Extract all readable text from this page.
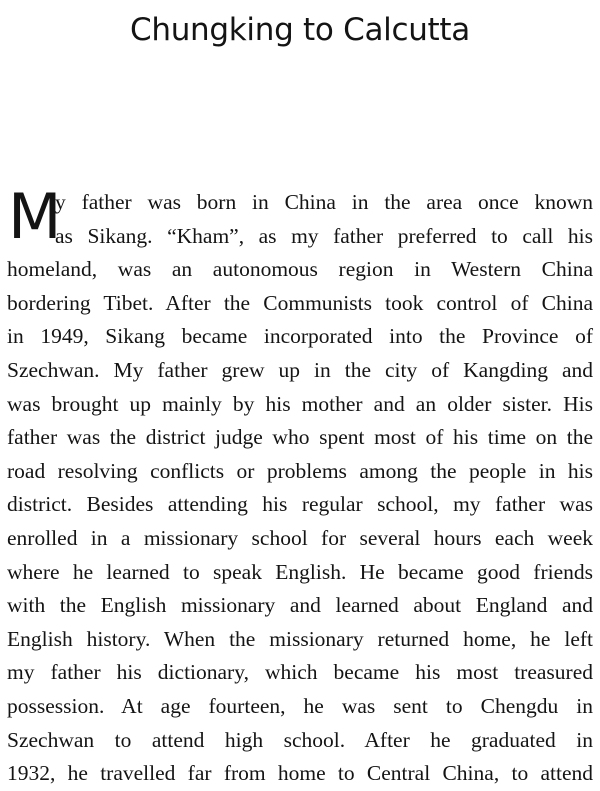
Chungking to Calcutta
M
y father was born in China in the area once known
as Sikang. “Kham”, as my father preferred to call his
homeland, was an autonomous region in Western China
bordering Tibet. After the Communists took control of China
in 1949, Sikang became incorporated into the Province of
Szechwan. My father grew up in the city of Kangding and
was brought up mainly by his mother and an older sister. His
father was the district judge who spent most of his time on the
road resolving conflicts or problems among the people in his
district. Besides attending his regular school, my father was
enrolled in a missionary school for several hours each week
where he learned to speak English. He became good friends
with the English missionary and learned about England and
English history. When the missionary returned home, he left
my father his dictionary, which became his most treasured
possession. At age fourteen, he was sent to Chengdu in
Szechwan to attend high school. After he graduated in
1932, he travelled far from home to Central China, to attend
